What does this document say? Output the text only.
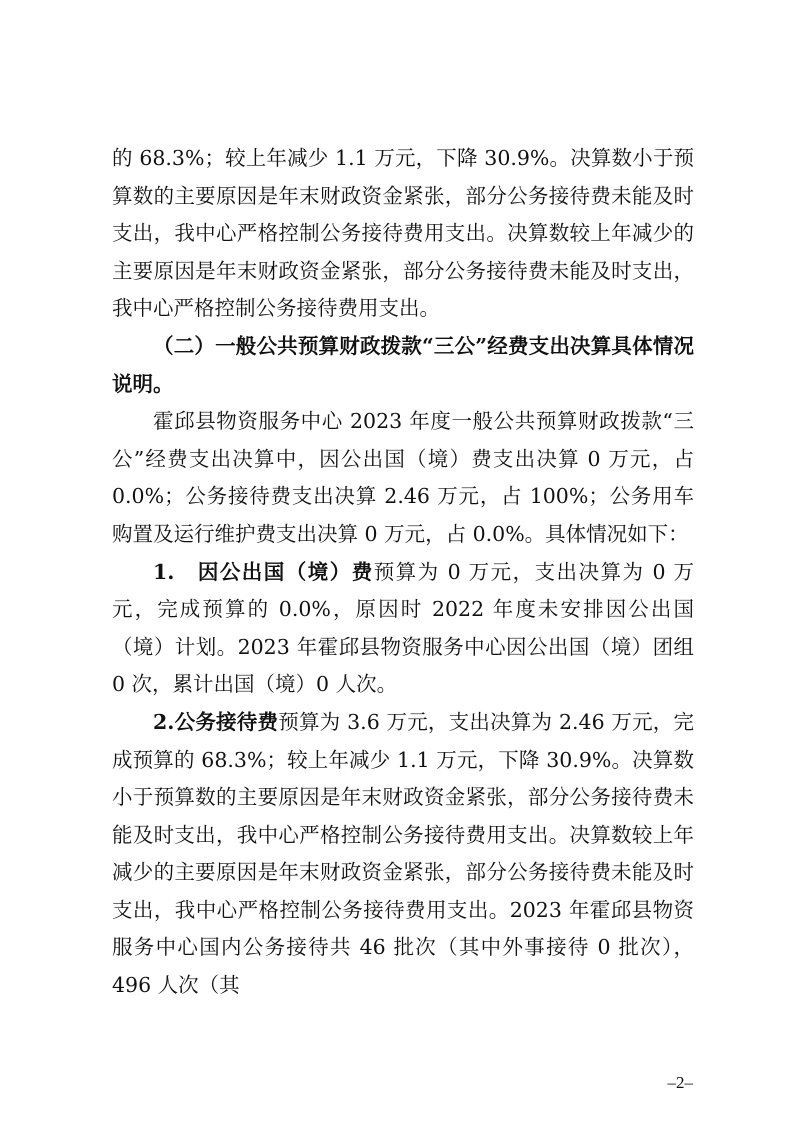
的 68.3%；较上年减少 1.1 万元，下降 30.9%。决算数小于预算数的主要原因是年末财政资金紧张，部分公务接待费未能及时支出，我中心严格控制公务接待费用支出。决算数较上年减少的主要原因是年末财政资金紧张，部分公务接待费未能及时支出，我中心严格控制公务接待费用支出。

（二）一般公共预算财政拨款“三公”经费支出决算具体情况说明。

霍邱县物资服务中心 2023 年度一般公共预算财政拨款“三公”经费支出决算中，因公出国（境）费支出决算 0 万元，占 0.0%；公务接待费支出决算 2.46 万元，占 100%；公务用车购置及运行维护费支出决算 0 万元，占 0.0%。具体情况如下：

1.　因公出国（境）费预算为 0 万元，支出决算为 0 万元，完成预算的 0.0%，原因时 2022 年度未安排因公出国（境）计划。2023 年霍邱县物资服务中心因公出国（境）团组 0 次，累计出国（境）0 人次。

2.公务接待费预算为 3.6 万元，支出决算为 2.46 万元，完成预算的 68.3%；较上年减少 1.1 万元，下降 30.9%。决算数小于预算数的主要原因是年末财政资金紧张，部分公务接待费未能及时支出，我中心严格控制公务接待费用支出。决算数较上年减少的主要原因是年末财政资金紧张，部分公务接待费未能及时支出，我中心严格控制公务接待费用支出。2023 年霍邱县物资服务中心国内公务接待共 46 批次（其中外事接待 0 批次），496 人次（其

–2–
